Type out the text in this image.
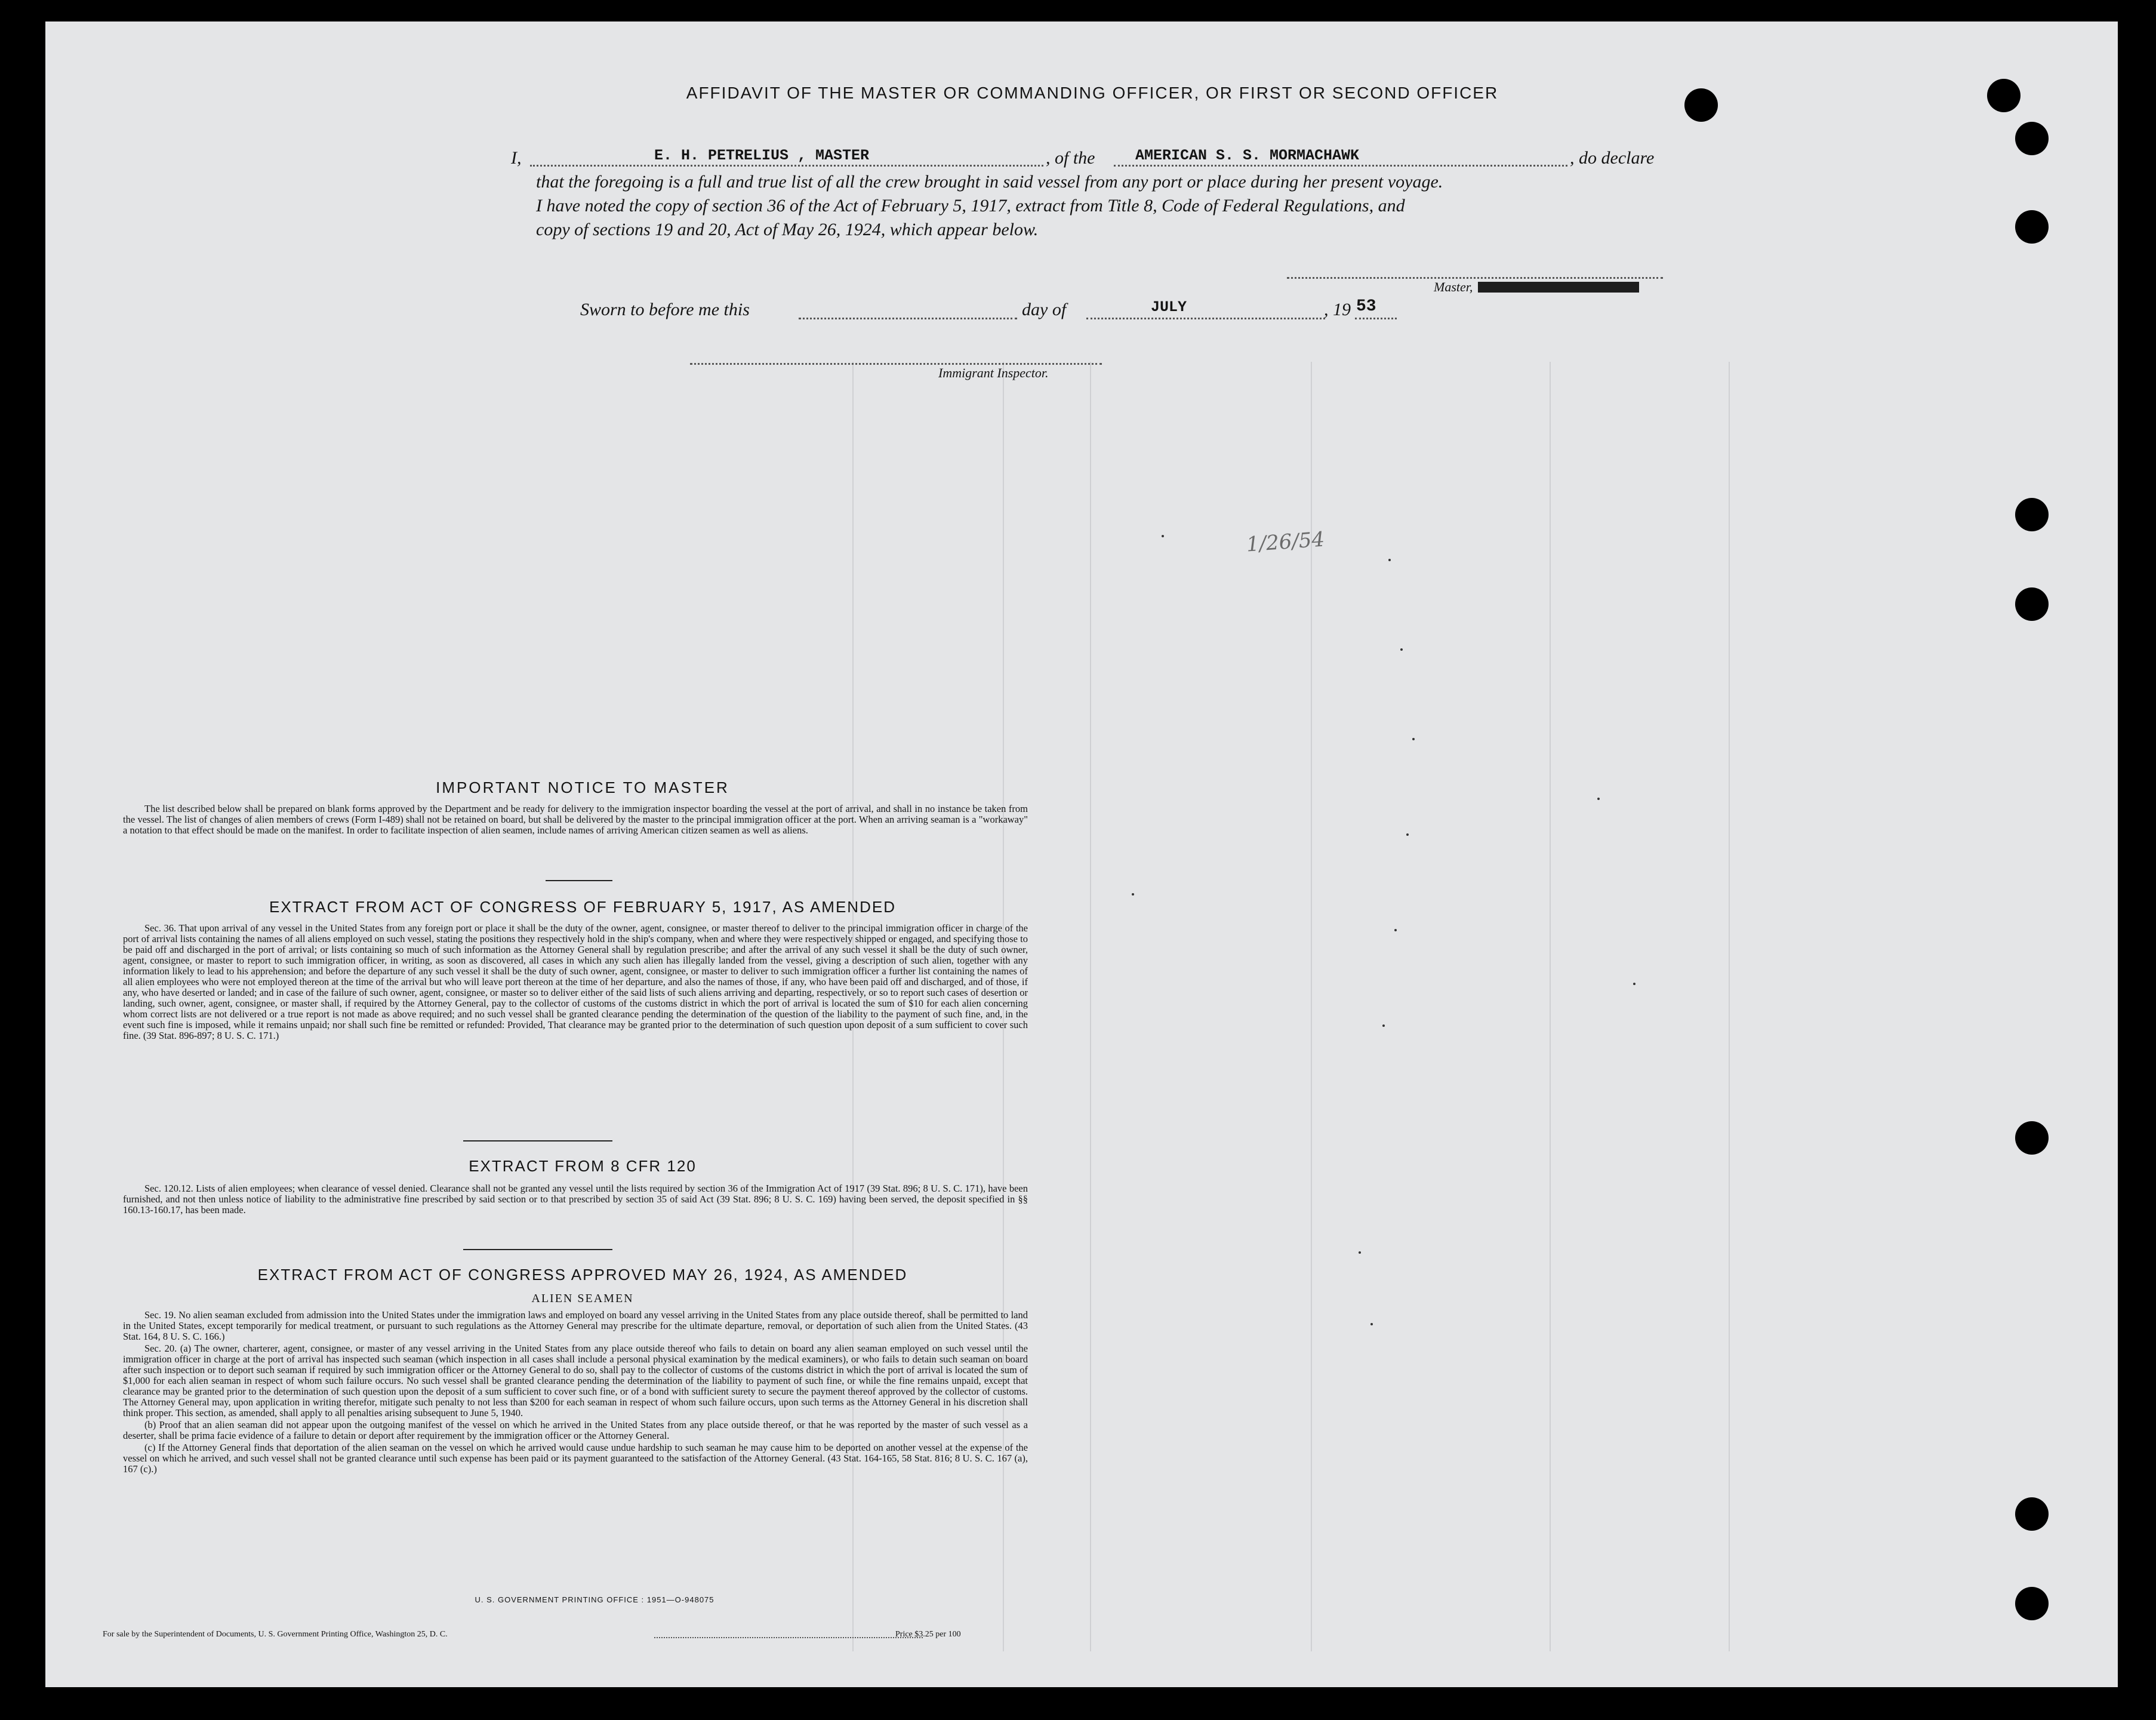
AFFIDAVIT OF THE MASTER OR COMMANDING OFFICER, OR FIRST OR SECOND OFFICER
I,	E. H. PETRELIUS , MASTER	, of the	AMERICAN S. S. MORMACHAWK	, do declare
that the foregoing is a full and true list of all the crew brought in said vessel from any port or place during her present voyage.
I have noted the copy of section 36 of the Act of February 5, 1917, extract from Title 8, Code of Federal Regulations, and
copy of sections 19 and 20, Act of May 26, 1924, which appear below.
Master,
Sworn to before me this	day of	JULY	, 19 53
Immigrant Inspector.
1/26/54
IMPORTANT NOTICE TO MASTER

The list described below shall be prepared on blank forms approved by the Department and be ready for delivery to the immigration inspector boarding the vessel at the port of arrival, and shall in no instance be taken from the vessel. The list of changes of alien members of crews (Form I-489) shall not be retained on board, but shall be delivered by the master to the principal immigration officer at the port. When an arriving seaman is a "workaway" a notation to that effect should be made on the manifest. In order to facilitate inspection of alien seamen, include names of arriving American citizen seamen as well as aliens.

EXTRACT FROM ACT OF CONGRESS OF FEBRUARY 5, 1917, AS AMENDED

Sec. 36. That upon arrival of any vessel in the United States from any foreign port or place it shall be the duty of the owner, agent, consignee, or master thereof to deliver to the principal immigration officer in charge of the port of arrival lists containing the names of all aliens employed on such vessel, stating the positions they respectively hold in the ship's company, when and where they were respectively shipped or engaged, and specifying those to be paid off and discharged in the port of arrival; or lists containing so much of such information as the Attorney General shall by regulation prescribe; and after the arrival of any such vessel it shall be the duty of such owner, agent, consignee, or master to report to such immigration officer, in writing, as soon as discovered, all cases in which any such alien has illegally landed from the vessel, giving a description of such alien, together with any information likely to lead to his apprehension; and before the departure of any such vessel it shall be the duty of such owner, agent, consignee, or master to deliver to such immigration officer a further list containing the names of all alien employees who were not employed thereon at the time of the arrival but who will leave port thereon at the time of her departure, and also the names of those, if any, who have been paid off and discharged, and of those, if any, who have deserted or landed; and in case of the failure of such owner, agent, consignee, or master so to deliver either of the said lists of such aliens arriving and departing, respectively, or so to report such cases of desertion or landing, such owner, agent, consignee, or master shall, if required by the Attorney General, pay to the collector of customs of the customs district in which the port of arrival is located the sum of $10 for each alien concerning whom correct lists are not delivered or a true report is not made as above required; and no such vessel shall be granted clearance pending the determination of the question of the liability to the payment of such fine, and, in the event such fine is imposed, while it remains unpaid; nor shall such fine be remitted or refunded: Provided, That clearance may be granted prior to the determination of such question upon deposit of a sum sufficient to cover such fine. (39 Stat. 896-897; 8 U. S. C. 171.)

EXTRACT FROM 8 CFR 120

Sec. 120.12. Lists of alien employees; when clearance of vessel denied. Clearance shall not be granted any vessel until the lists required by section 36 of the Immigration Act of 1917 (39 Stat. 896; 8 U. S. C. 171), have been furnished, and not then unless notice of liability to the administrative fine prescribed by said section or to that prescribed by section 35 of said Act (39 Stat. 896; 8 U. S. C. 169) having been served, the deposit specified in §§ 160.13-160.17, has been made.

EXTRACT FROM ACT OF CONGRESS APPROVED MAY 26, 1924, AS AMENDED
ALIEN SEAMEN

Sec. 19. No alien seaman excluded from admission into the United States under the immigration laws and employed on board any vessel arriving in the United States from any place outside thereof, shall be permitted to land in the United States, except temporarily for medical treatment, or pursuant to such regulations as the Attorney General may prescribe for the ultimate departure, removal, or deportation of such alien from the United States. (43 Stat. 164, 8 U. S. C. 166.)

Sec. 20. (a) The owner, charterer, agent, consignee, or master of any vessel arriving in the United States from any place outside thereof who fails to detain on board any alien seaman employed on such vessel until the immigration officer in charge at the port of arrival has inspected such seaman (which inspection in all cases shall include a personal physical examination by the medical examiners), or who fails to detain such seaman on board after such inspection or to deport such seaman if required by such immigration officer or the Attorney General to do so, shall pay to the collector of customs of the customs district in which the port of arrival is located the sum of $1,000 for each alien seaman in respect of whom such failure occurs. No such vessel shall be granted clearance pending the determination of the liability to payment of such fine, or while the fine remains unpaid, except that clearance may be granted prior to the determination of such question upon the deposit of a sum sufficient to cover such fine, or of a bond with sufficient surety to secure the payment thereof approved by the collector of customs. The Attorney General may, upon application in writing therefor, mitigate such penalty to not less than $200 for each seaman in respect of whom such failure occurs, upon such terms as the Attorney General in his discretion shall think proper. This section, as amended, shall apply to all penalties arising subsequent to June 5, 1940.

(b) Proof that an alien seaman did not appear upon the outgoing manifest of the vessel on which he arrived in the United States from any place outside thereof, or that he was reported by the master of such vessel as a deserter, shall be prima facie evidence of a failure to detain or deport after requirement by the immigration officer or the Attorney General.

(c) If the Attorney General finds that deportation of the alien seaman on the vessel on which he arrived would cause undue hardship to such seaman he may cause him to be deported on another vessel at the expense of the vessel on which he arrived, and such vessel shall not be granted clearance until such expense has been paid or its payment guaranteed to the satisfaction of the Attorney General. (43 Stat. 164-165, 58 Stat. 816; 8 U. S. C. 167 (a), 167 (c).)

U. S. GOVERNMENT PRINTING OFFICE : 1951—O-948075
For sale by the Superintendent of Documents, U. S. Government Printing Office, Washington 25, D. C.	Price $3.25 per 100
